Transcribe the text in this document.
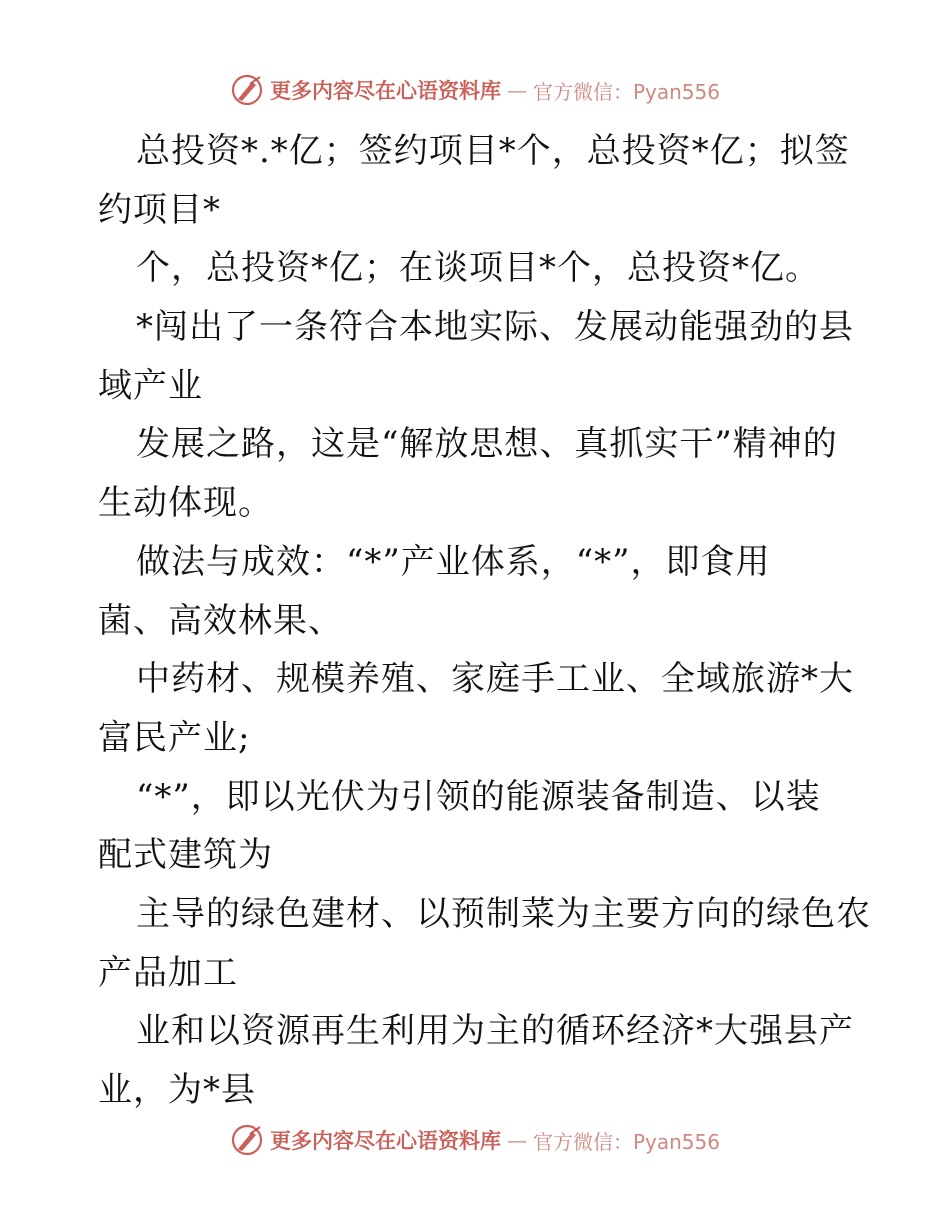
更多内容尽在心语资料库 — 官方微信：Pyan556
总投资*.*亿；签约项目*个，总投资*亿；拟签
约项目*
个，总投资*亿；在谈项目*个，总投资*亿。
*闯出了一条符合本地实际、发展动能强劲的县
域产业
发展之路，这是“解放思想、真抓实干”精神的
生动体现。
做法与成效：“*”产业体系，“*”，即食用
菌、高效林果、
中药材、规模养殖、家庭手工业、全域旅游*大
富民产业;
“*”，即以光伏为引领的能源装备制造、以装
配式建筑为
主导的绿色建材、以预制菜为主要方向的绿色农
产品加工
业和以资源再生利用为主的循环经济*大强县产
业，为*县
更多内容尽在心语资料库 — 官方微信：Pyan556
